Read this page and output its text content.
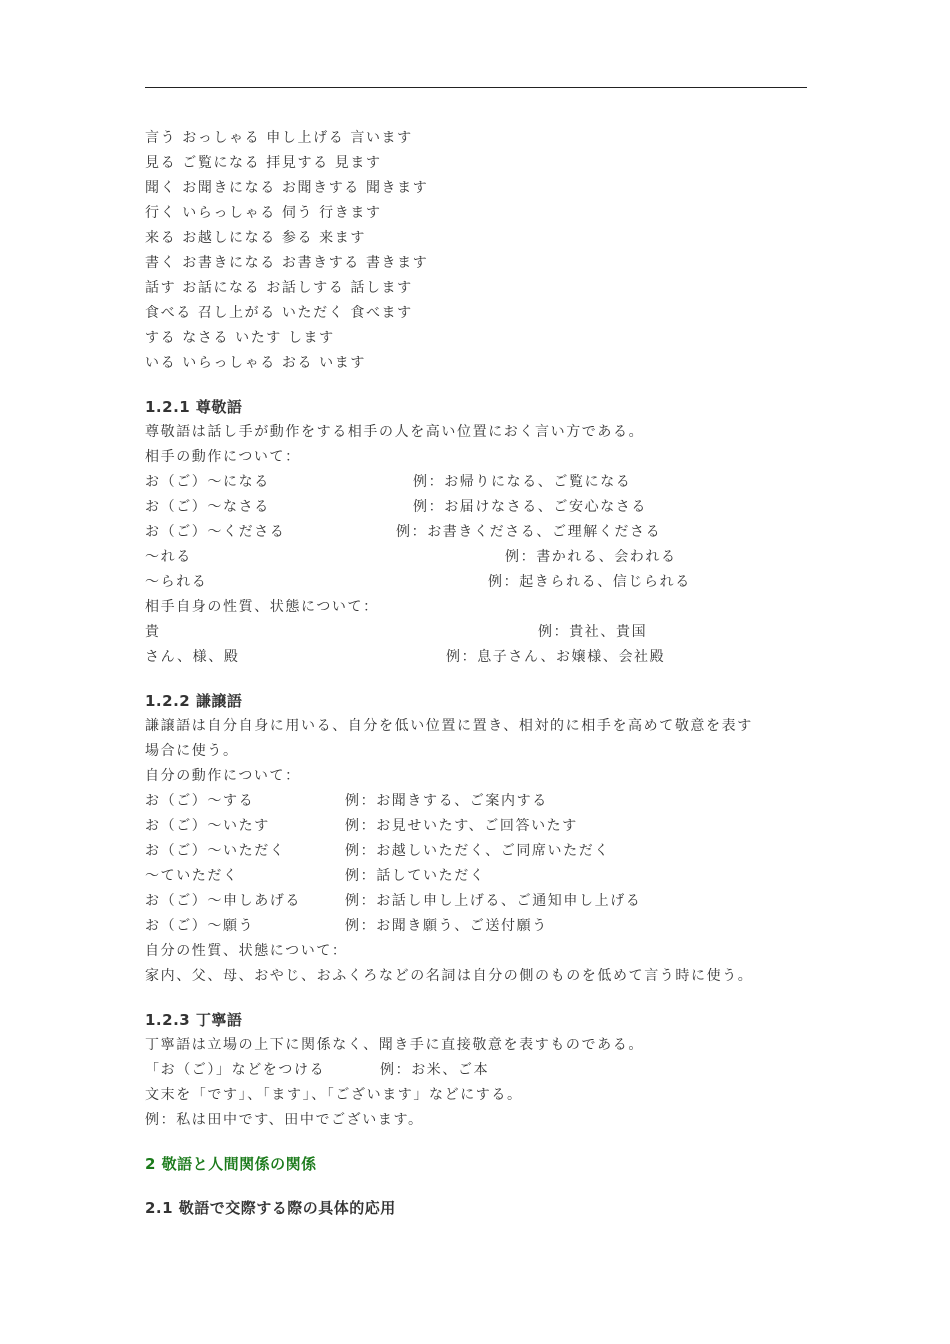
言う おっしゃる 申し上げる 言います
見る ご覧になる 拝見する 見ます
聞く お聞きになる お聞きする 聞きます
行く いらっしゃる 伺う 行きます
来る お越しになる 参る 来ます
書く お書きになる お書きする 書きます
話す お話になる お話しする 話します
食べる 召し上がる いただく 食べます
する なさる いたす します
いる いらっしゃる おる います
1.2.1 尊敬語
尊敬語は話し手が動作をする相手の人を高い位置におく言い方である。
相手の動作について：
お（ご）〜になる	例：お帰りになる、ご覧になる
お（ご）〜なさる	例：お届けなさる、ご安心なさる
お（ご）〜くださる	例：お書きくださる、ご理解くださる
〜れる	例：書かれる、会われる
〜られる	例：起きられる、信じられる
相手自身の性質、状態について：
貴	例：貴社、貴国
さん、様、殿	例：息子さん、お嬢様、会社殿
1.2.2 謙譲語
謙譲語は自分自身に用いる、自分を低い位置に置き、相対的に相手を高めて敬意を表す
場合に使う。
自分の動作について：
お（ご）〜する	例：お聞きする、ご案内する
お（ご）〜いたす	例：お見せいたす、ご回答いたす
お（ご）〜いただく	例：お越しいただく、ご同席いただく
〜ていただく	例：話していただく
お（ご）〜申しあげる	例：お話し申し上げる、ご通知申し上げる
お（ご）〜願う	例：お聞き願う、ご送付願う
自分の性質、状態について：
家内、父、母、おやじ、おふくろなどの名詞は自分の側のものを低めて言う時に使う。
1.2.3 丁寧語
丁寧語は立場の上下に関係なく、聞き手に直接敬意を表すものである。
「お（ご）」などをつける	例：お米、ご本
文末を「です」、「ます」、「ございます」などにする。
例：私は田中です、田中でございます。
2 敬語と人間関係の関係
2.1 敬語で交際する際の具体的応用
